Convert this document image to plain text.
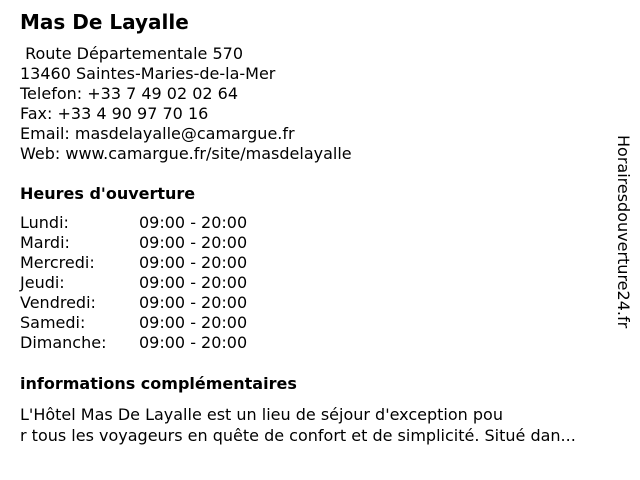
Mas De Layalle
Route Départementale 570
13460 Saintes-Maries-de-la-Mer
Telefon: +33 7 49 02 02 64
Fax: +33 4 90 97 70 16
Email: masdelayalle@camargue.fr
Web: www.camargue.fr/site/masdelayalle
Heures d'ouverture
Lundi:	09:00 - 20:00
Mardi:	09:00 - 20:00
Mercredi:	09:00 - 20:00
Jeudi:	09:00 - 20:00
Vendredi:	09:00 - 20:00
Samedi:	09:00 - 20:00
Dimanche: 09:00 - 20:00
informations complémentaires
L'Hôtel Mas De Layalle est un lieu de séjour d'exception pou
r tous les voyageurs en quête de confort et de simplicité. Situé dan...
Horairesdouverture24.fr
